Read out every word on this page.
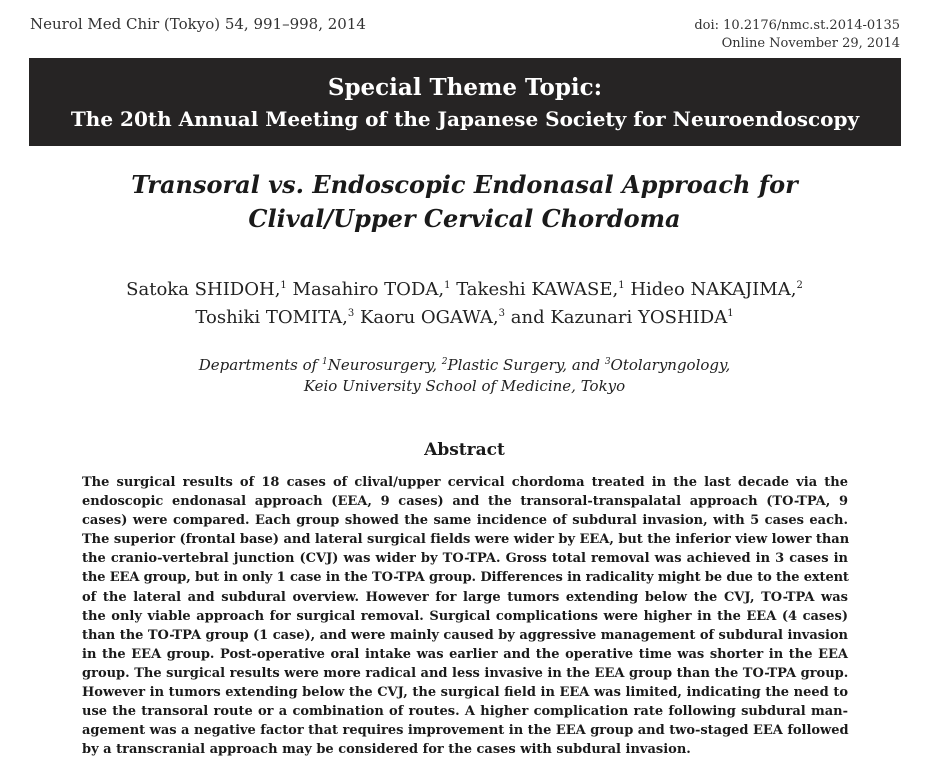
Neurol Med Chir (Tokyo) 54, 991–998, 2014	doi: 10.2176/nmc.st.2014-0135
Online November 29, 2014
Special Theme Topic:
The 20th Annual Meeting of the Japanese Society for Neuroendoscopy
Transoral vs. Endoscopic Endonasal Approach for
Clival/Upper Cervical Chordoma
Satoka SHIDOH,$^1$ Masahiro TODA,$^1$ Takeshi KAWASE,$^1$ Hideo NAKAJIMA,$^2$
Toshiki TOMITA,$^3$ Kaoru OGAWA,$^3$ and Kazunari YOSHIDA$^1$
Departments of $^1$Neurosurgery, $^2$Plastic Surgery, and $^3$Otolaryngology,
Keio University School of Medicine, Tokyo
Abstract
The surgical results of 18 cases of clival/upper cervical chordoma treated in the last decade via the
endoscopic endonasal approach (EEA, 9 cases) and the transoral-transpalatal approach (TO-TPA, 9
cases) were compared. Each group showed the same incidence of subdural invasion, with 5 cases each.
The superior (frontal base) and lateral surgical fields were wider by EEA, but the inferior view lower than
the cranio-vertebral junction (CVJ) was wider by TO-TPA. Gross total removal was achieved in 3 cases in
the EEA group, but in only 1 case in the TO-TPA group. Differences in radicality might be due to the extent
of the lateral and subdural overview. However for large tumors extending below the CVJ, TO-TPA was
the only viable approach for surgical removal. Surgical complications were higher in the EEA (4 cases)
than the TO-TPA group (1 case), and were mainly caused by aggressive management of subdural invasion
in the EEA group. Post-operative oral intake was earlier and the operative time was shorter in the EEA
group. The surgical results were more radical and less invasive in the EEA group than the TO-TPA group.
However in tumors extending below the CVJ, the surgical field in EEA was limited, indicating the need to
use the transoral route or a combination of routes. A higher complication rate following subdural man-
agement was a negative factor that requires improvement in the EEA group and two-staged EEA followed
by a transcranial approach may be considered for the cases with subdural invasion.
